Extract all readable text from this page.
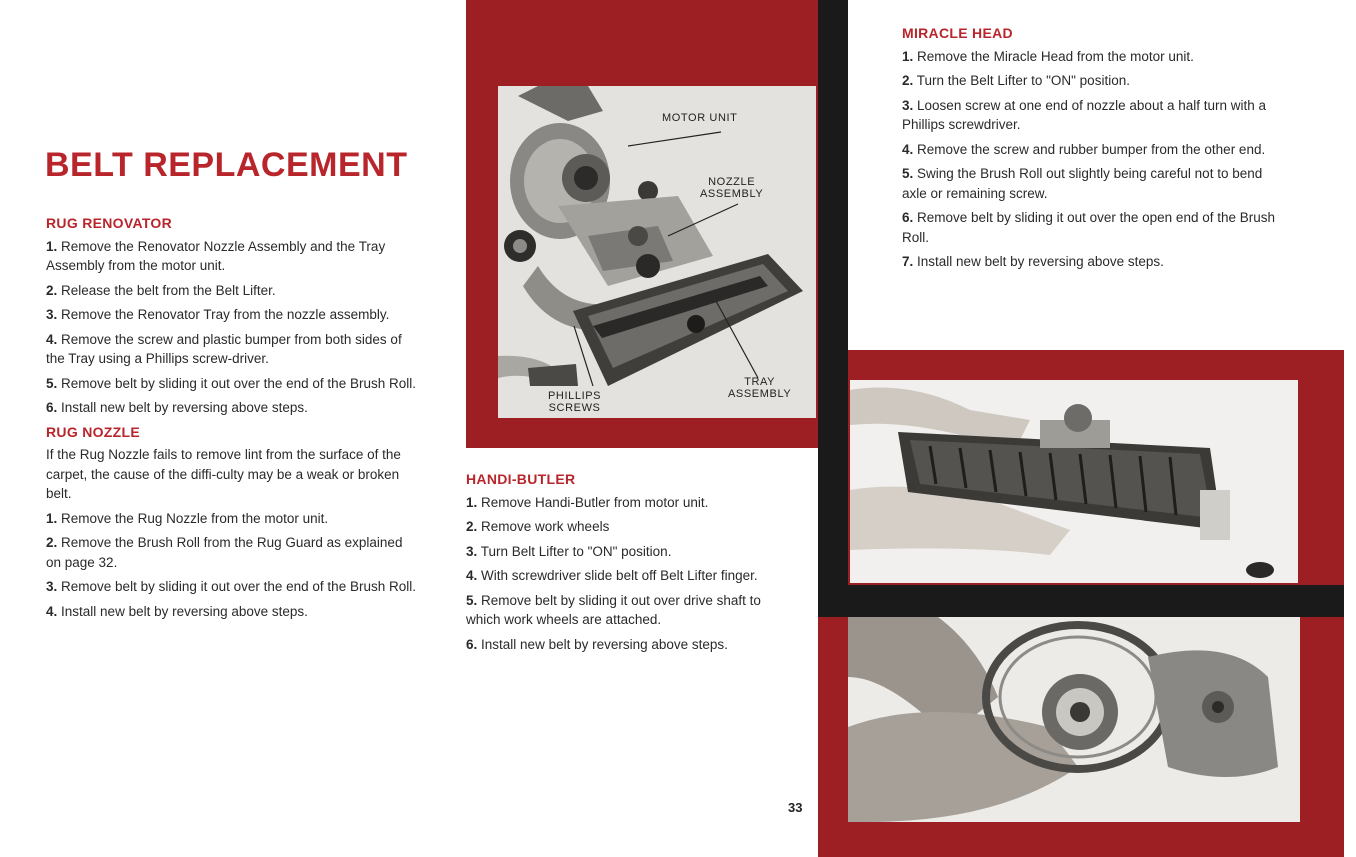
BELT REPLACEMENT
RUG RENOVATOR

1. Remove the Renovator Nozzle Assembly and the Tray Assembly from the motor unit.

2. Release the belt from the Belt Lifter.

3. Remove the Renovator Tray from the nozzle assembly.

4. Remove the screw and plastic bumper from both sides of the Tray using a Phillips screw-driver.

5. Remove belt by sliding it out over the end of the Brush Roll.

6. Install new belt by reversing above steps.

RUG NOZZLE

If the Rug Nozzle fails to remove lint from the surface of the carpet, the cause of the diffi-culty may be a weak or broken belt.

1. Remove the Rug Nozzle from the motor unit.

2. Remove the Brush Roll from the Rug Guard as explained on page 32.

3. Remove belt by sliding it out over the end of the Brush Roll.

4. Install new belt by reversing above steps.

MOTOR UNIT
NOZZLE
ASSEMBLY
TRAY
ASSEMBLY
PHILLIPS
SCREWS
HANDI-BUTLER

1. Remove Handi-Butler from motor unit.

2. Remove work wheels

3. Turn Belt Lifter to "ON" position.

4. With screwdriver slide belt off Belt Lifter finger.

5. Remove belt by sliding it out over drive shaft to which work wheels are attached.

6. Install new belt by reversing above steps.

MIRACLE HEAD

1. Remove the Miracle Head from the motor unit.

2. Turn the Belt Lifter to "ON" position.

3. Loosen screw at one end of nozzle about a half turn with a Phillips screwdriver.

4. Remove the screw and rubber bumper from the other end.

5. Swing the Brush Roll out slightly being careful not to bend axle or remaining screw.

6. Remove belt by sliding it out over the open end of the Brush Roll.

7. Install new belt by reversing above steps.

33
